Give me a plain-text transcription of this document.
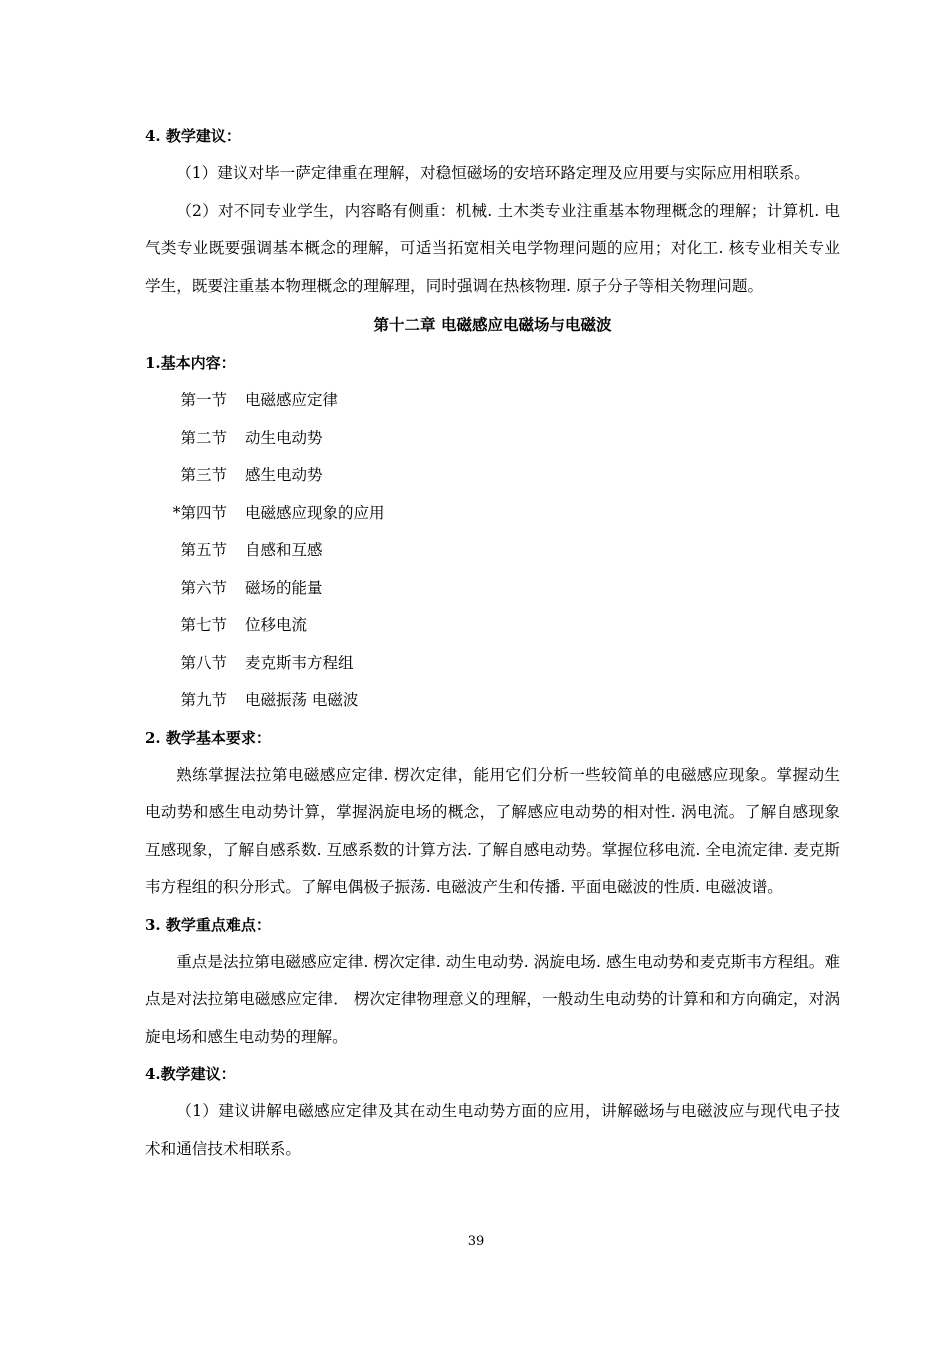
4. 教学建议：

（1）建议对毕一萨定律重在理解，对稳恒磁场的安培环路定理及应用要与实际应用相联系。

（2）对不同专业学生，内容略有侧重：机械. 土木类专业注重基本物理概念的理解；计算机. 电气类专业既要强调基本概念的理解，可适当拓宽相关电学物理问题的应用；对化工. 核专业相关专业学生，既要注重基本物理概念的理解理，同时强调在热核物理. 原子分子等相关物理问题。

第十二章 电磁感应电磁场与电磁波
1.基本内容：
第一节 电磁感应定律
第二节 动生电动势
第三节 感生电动势
*第四节 电磁感应现象的应用
第五节 自感和互感
第六节 磁场的能量
第七节 位移电流
第八节 麦克斯韦方程组
第九节 电磁振荡 电磁波
2. 教学基本要求：

熟练掌握法拉第电磁感应定律. 楞次定律，能用它们分析一些较简单的电磁感应现象。掌握动生电动势和感生电动势计算，掌握涡旋电场的概念，了解感应电动势的相对性. 涡电流。了解自感现象互感现象，了解自感系数. 互感系数的计算方法. 了解自感电动势。掌握位移电流. 全电流定律. 麦克斯韦方程组的积分形式。了解电偶极子振荡. 电磁波产生和传播. 平面电磁波的性质. 电磁波谱。

3. 教学重点难点：

重点是法拉第电磁感应定律. 楞次定律. 动生电动势. 涡旋电场. 感生电动势和麦克斯韦方程组。难点是对法拉第电磁感应定律． 楞次定律物理意义的理解，一般动生电动势的计算和和方向确定，对涡旋电场和感生电动势的理解。

4.教学建议：

（1）建议讲解电磁感应定律及其在动生电动势方面的应用，讲解磁场与电磁波应与现代电子技术和通信技术相联系。

39
